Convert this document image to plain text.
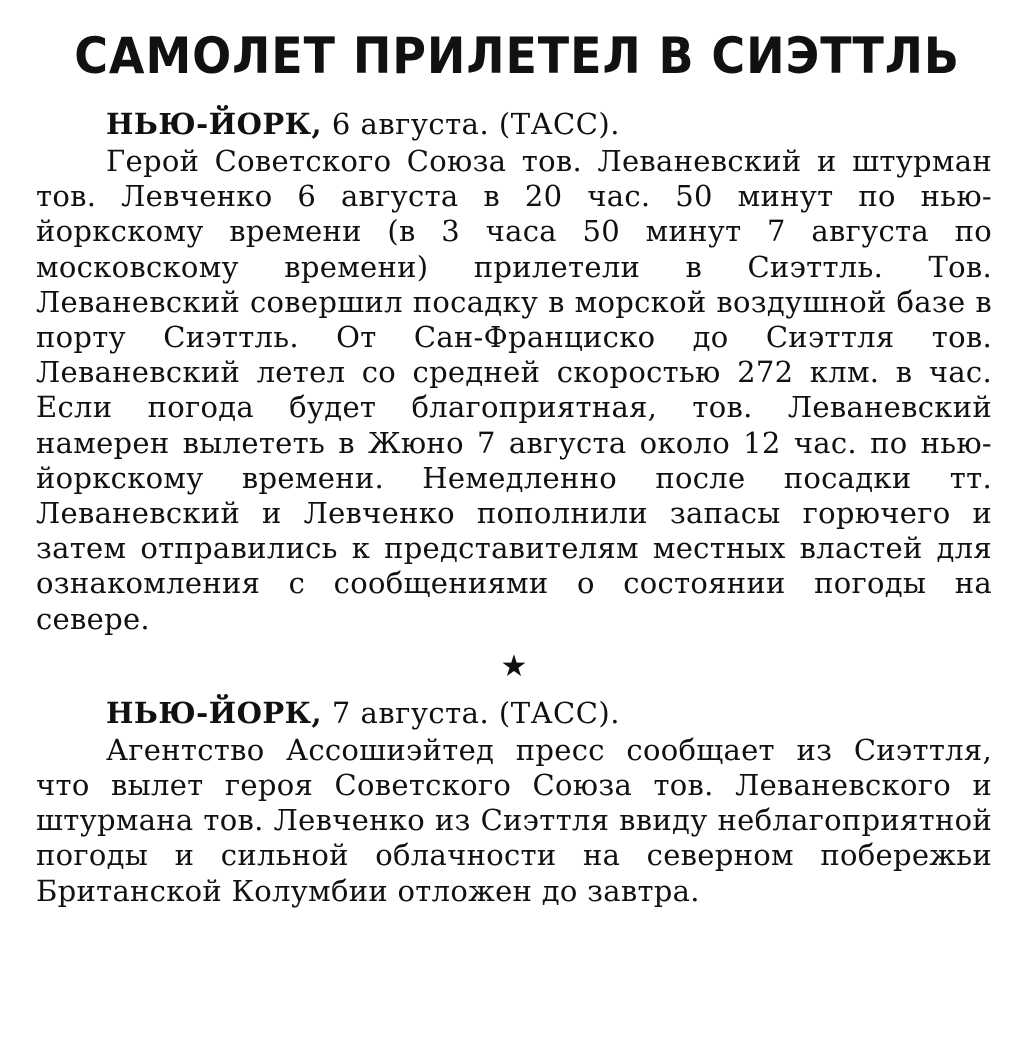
САМОЛЕТ ПРИЛЕТЕЛ В СИЭТТЛЬ
НЬЮ-ЙОРК, 6 августа. (ТАСС).

Герой Советского Союза тов. Леваневский и штурман тов. Левченко 6 августа в 20 час. 50 минут по нью-йоркскому времени (в 3 часа 50 минут 7 августа по московскому времени) прилетели в Сиэттль. Тов. Леваневский совершил посадку в морской воздушной базе в порту Сиэттль. От Сан-Франциско до Сиэттля тов. Леваневский летел со средней скоростью 272 клм. в час. Если погода будет благоприятная, тов. Леваневский намерен вылететь в Жюно 7 августа около 12 час. по нью-йоркскому времени. Немедленно после посадки тт. Леваневский и Левченко пополнили запасы горючего и затем отправились к представителям местных властей для ознакомления с сообщениями о состоянии погоды на севере.

★
НЬЮ-ЙОРК, 7 августа. (ТАСС).

Агентство Ассошиэйтед пресс сообщает из Сиэттля, что вылет героя Советского Союза тов. Леваневского и штурмана тов. Левченко из Сиэттля ввиду неблагоприятной погоды и сильной облачности на северном побережьи Британской Колумбии отложен до завтра.
